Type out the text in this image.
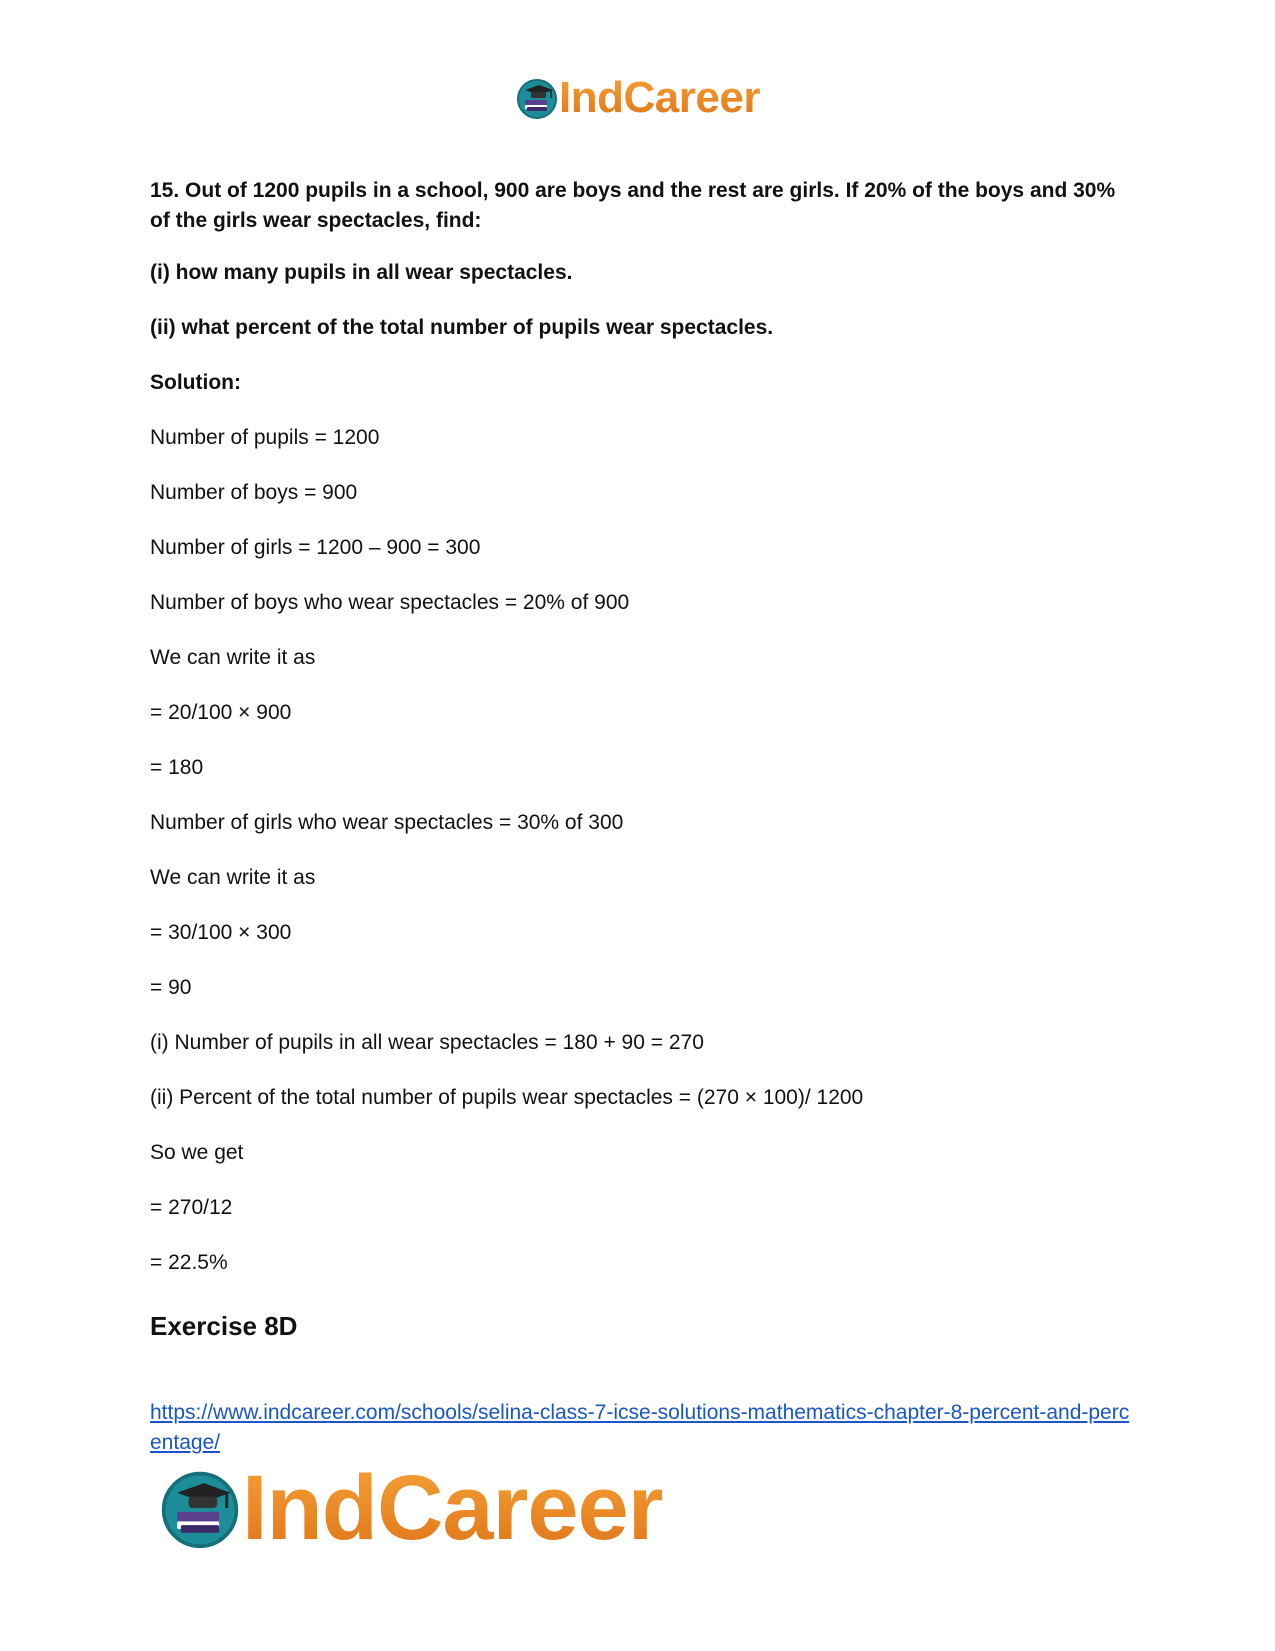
IndCareer

15. Out of 1200 pupils in a school, 900 are boys and the rest are girls. If 20% of the boys and 30% of the girls wear spectacles, find:

(i) how many pupils in all wear spectacles.

(ii) what percent of the total number of pupils wear spectacles.

Solution:

Number of pupils = 1200

Number of boys = 900

Number of girls = 1200 – 900 = 300

Number of boys who wear spectacles = 20% of 900

We can write it as

= 20/100 × 900

= 180

Number of girls who wear spectacles = 30% of 300

We can write it as

= 30/100 × 300

= 90

(i) Number of pupils in all wear spectacles = 180 + 90 = 270

(ii) Percent of the total number of pupils wear spectacles = (270 × 100)/ 1200

So we get

= 270/12

= 22.5%

Exercise 8D
https://www.indcareer.com/schools/selina-class-7-icse-solutions-mathematics-chapter-8-percent-and-percentage/
IndCareer
